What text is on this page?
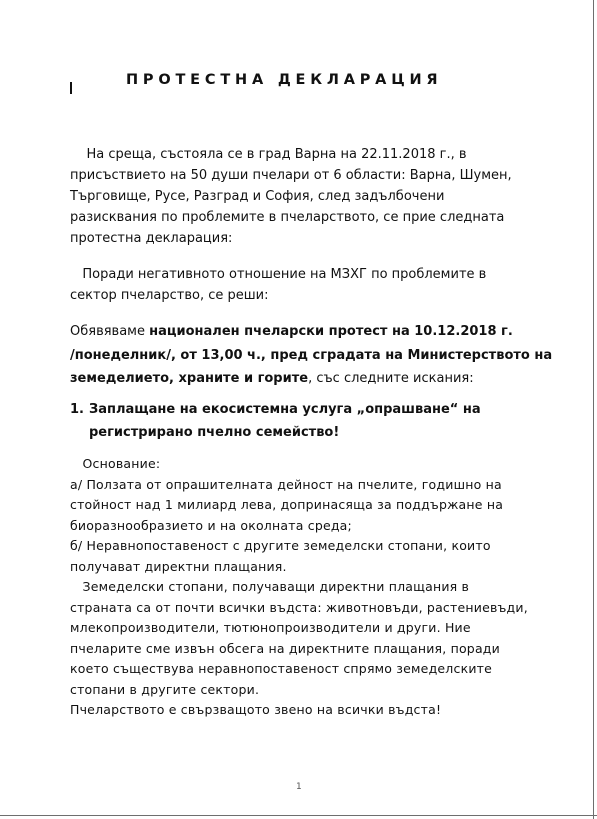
ПРОТЕСТНА ДЕКЛАРАЦИЯ
На среща, състояла се в град Варна на 22.11.2018 г., в
присъствието на 50 души пчелари от 6 области: Варна, Шумен,
Търговище, Русе, Разград и София, след задълбочени
разисквания по проблемите в пчеларството, се прие следната
протестна декларация:
Поради негативното отношение на МЗХГ по проблемите в
сектор пчеларство, се реши:
Обявяваме национален пчеларски протест на 10.12.2018 г.
/понеделник/, от 13,00 ч., пред сградата на Министерството на
земеделието, храните и горите, със следните искания:
1. Заплащане на екосистемна услуга „опрашване“ на
регистрирано пчелно семейство!
Основание:
а/ Ползата от опрашителната дейност на пчелите, годишно на
стойност над 1 милиард лева, допринасяща за поддържане на
биоразнообразието и на околната среда;
б/ Неравнопоставеност с другите земеделски стопани, които
получават директни плащания.
Земеделски стопани, получаващи директни плащания в
страната са от почти всички въдста: животновъди, растениевъди,
млекопроизводители, тютюнопроизводители и други. Ние
пчеларите сме извън обсега на директните плащания, поради
което съществува неравнопоставеност спрямо земеделските
стопани в другите сектори.
Пчеларството е свързващото звено на всички въдста!
1
